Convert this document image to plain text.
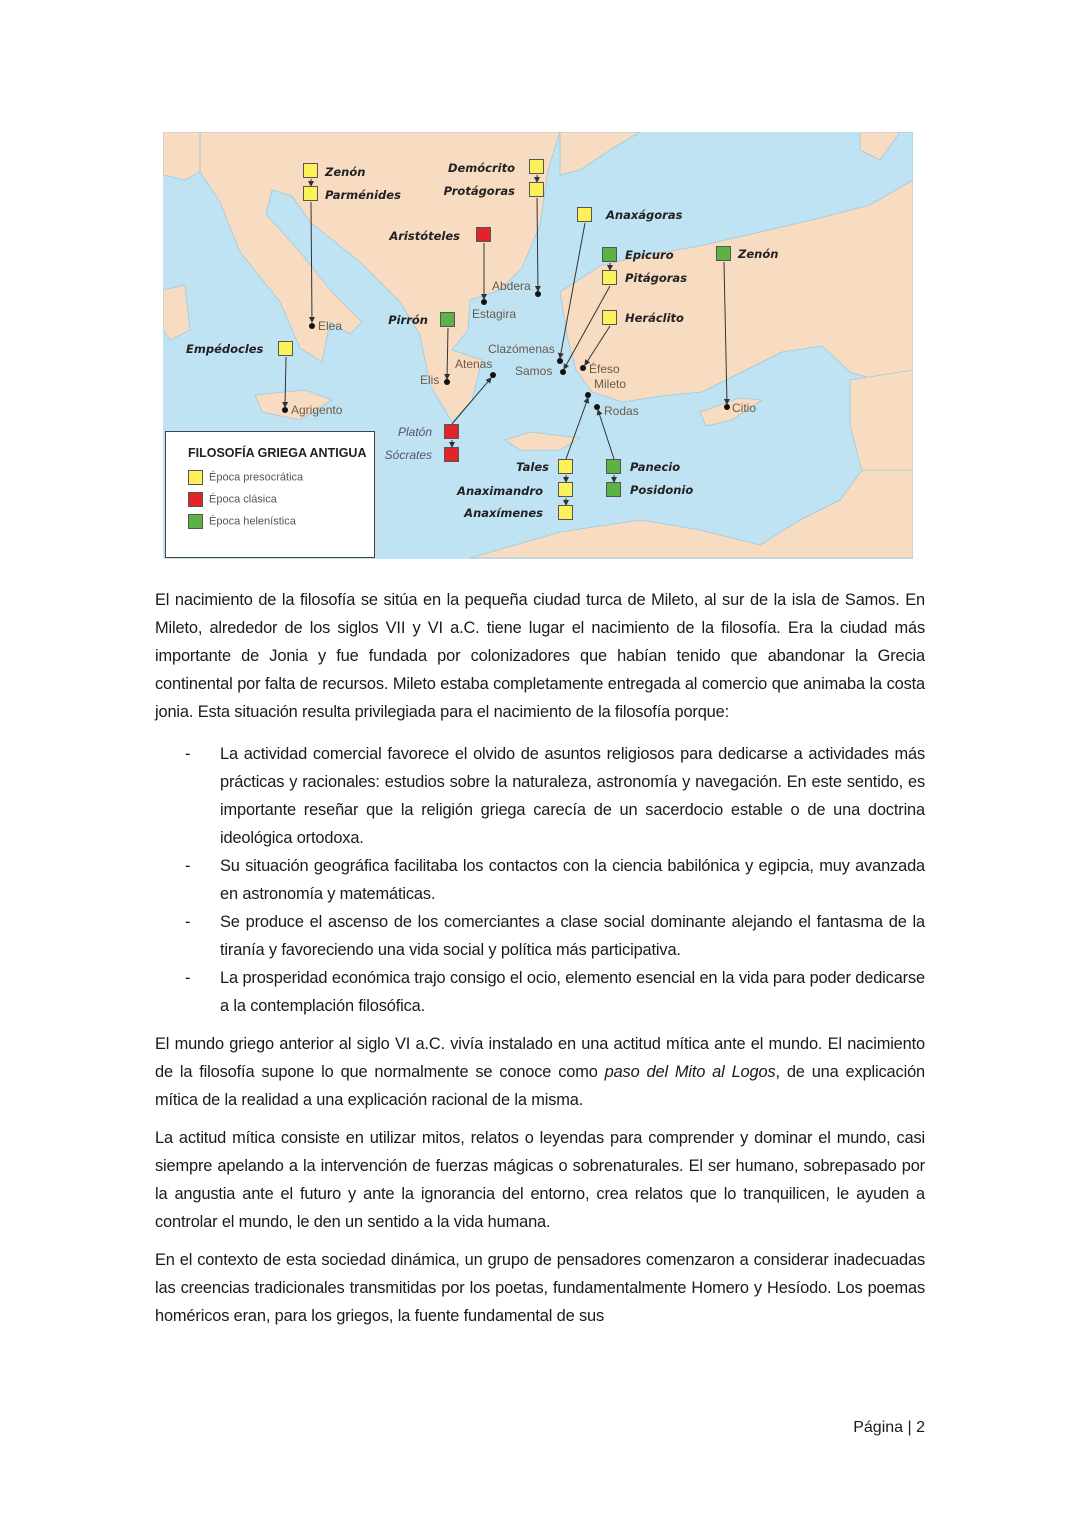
Zenón
Parménides
Demócrito
Protágoras
Aristóteles
Anaxágoras
Epicuro
Pitágoras
Heráclito
Zenón
Pirrón
Empédocles
Platón
Sócrates
Tales
Anaximandro
Anaxímenes
Panecio
Posidonio
Elea
Agrigento
Abdera
Estagira
Clazómenas
Samos
Atenas
Elis
Éfeso
Mileto
Rodas	Citio
FILOSOFÍA GRIEGA ANTIGUA
Época presocrática
Época clásica
Época helenística

El nacimiento de la filosofía se sitúa en la pequeña ciudad turca de Mileto, al sur de la isla de Samos. En Mileto, alrededor de los siglos VII y VI a.C. tiene lugar el nacimiento de la filosofía. Era la ciudad más importante de Jonia y fue fundada por colonizadores que habían tenido que abandonar la Grecia continental por falta de recursos. Mileto estaba completamente entregada al comercio que animaba la costa jonia. Esta situación resulta privilegiada para el nacimiento de la filosofía porque:

- La actividad comercial favorece el olvido de asuntos religiosos para dedicarse a actividades más prácticas y racionales: estudios sobre la naturaleza, astronomía y navegación. En este sentido, es importante reseñar que la religión griega carecía de un sacerdocio estable o de una doctrina ideológica ortodoxa.
- Su situación geográfica facilitaba los contactos con la ciencia babilónica y egipcia, muy avanzada en astronomía y matemáticas.
- Se produce el ascenso de los comerciantes a clase social dominante alejando el fantasma de la tiranía y favoreciendo una vida social y política más participativa.
- La prosperidad económica trajo consigo el ocio, elemento esencial en la vida para poder dedicarse a la contemplación filosófica.

El mundo griego anterior al siglo VI a.C. vivía instalado en una actitud mítica ante el mundo. El nacimiento de la filosofía supone lo que normalmente se conoce como paso del Mito al Logos, de una explicación mítica de la realidad a una explicación racional de la misma.

La actitud mítica consiste en utilizar mitos, relatos o leyendas para comprender y dominar el mundo, casi siempre apelando a la intervención de fuerzas mágicas o sobrenaturales. El ser humano, sobrepasado por la angustia ante el futuro y ante la ignorancia del entorno, crea relatos que lo tranquilicen, le ayuden a controlar el mundo, le den un sentido a la vida humana.

En el contexto de esta sociedad dinámica, un grupo de pensadores comenzaron a considerar inadecuadas las creencias tradicionales transmitidas por los poetas, fundamentalmente Homero y Hesíodo. Los poemas homéricos eran, para los griegos, la fuente fundamental de sus

Página | 2
